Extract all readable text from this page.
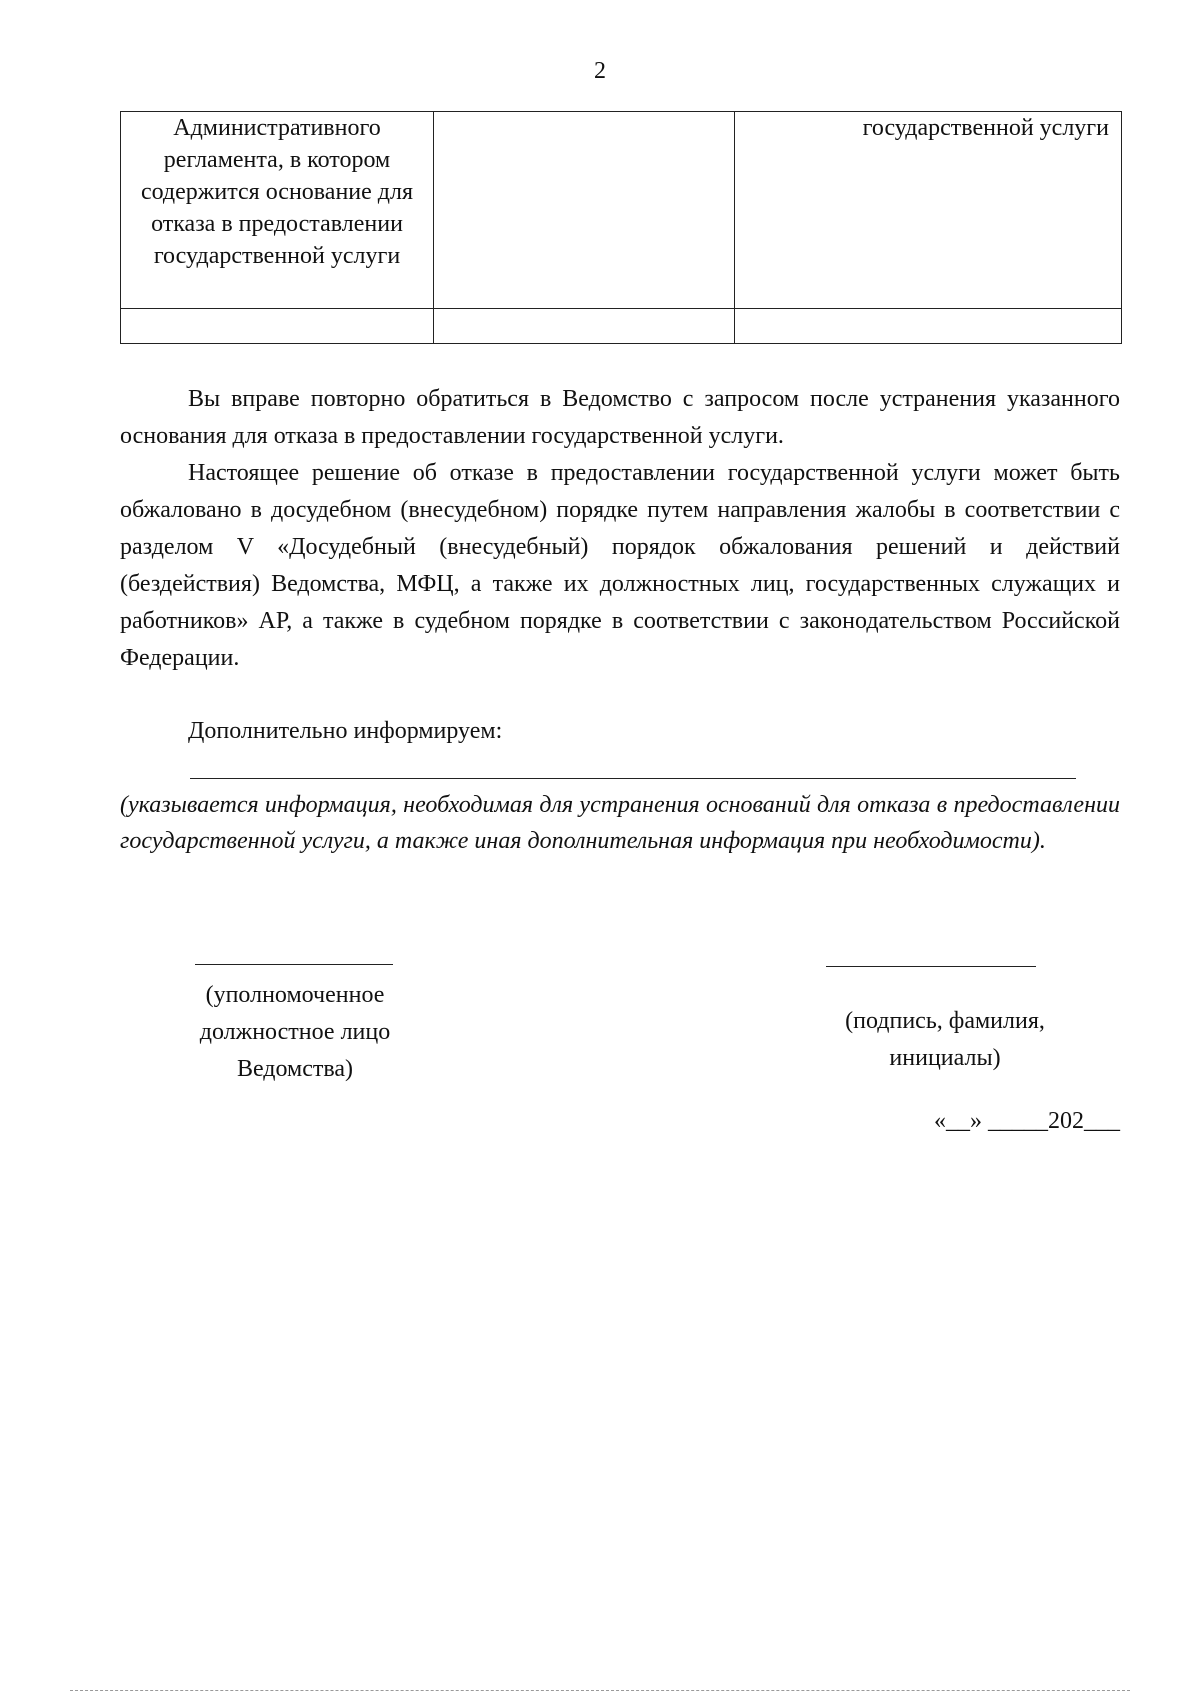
2
Административного регламента, в котором содержится основание для отказа в предоставлении государственной услуги		государственной услуги

Вы вправе повторно обратиться в Ведомство с запросом после устранения указанного основания для отказа в предоставлении государственной услуги.

Настоящее решение об отказе в предоставлении государственной услуги может быть обжаловано в досудебном (внесудебном) порядке путем направления жалобы в соответствии с разделом V «Досудебный (внесудебный) порядок обжалования решений и действий (бездействия) Ведомства, МФЦ, а также их должностных лиц, государственных служащих и работников» АР, а также в судебном порядке в соответствии с законодательством Российской Федерации.

Дополнительно информируем:

(указывается информация, необходимая для устранения оснований для отказа в предоставлении государственной услуги, а также иная дополнительная информация при необходимости).

(уполномоченное
должностное лицо
Ведомства)
(подпись, фамилия,
инициалы)
«__» _____202___
